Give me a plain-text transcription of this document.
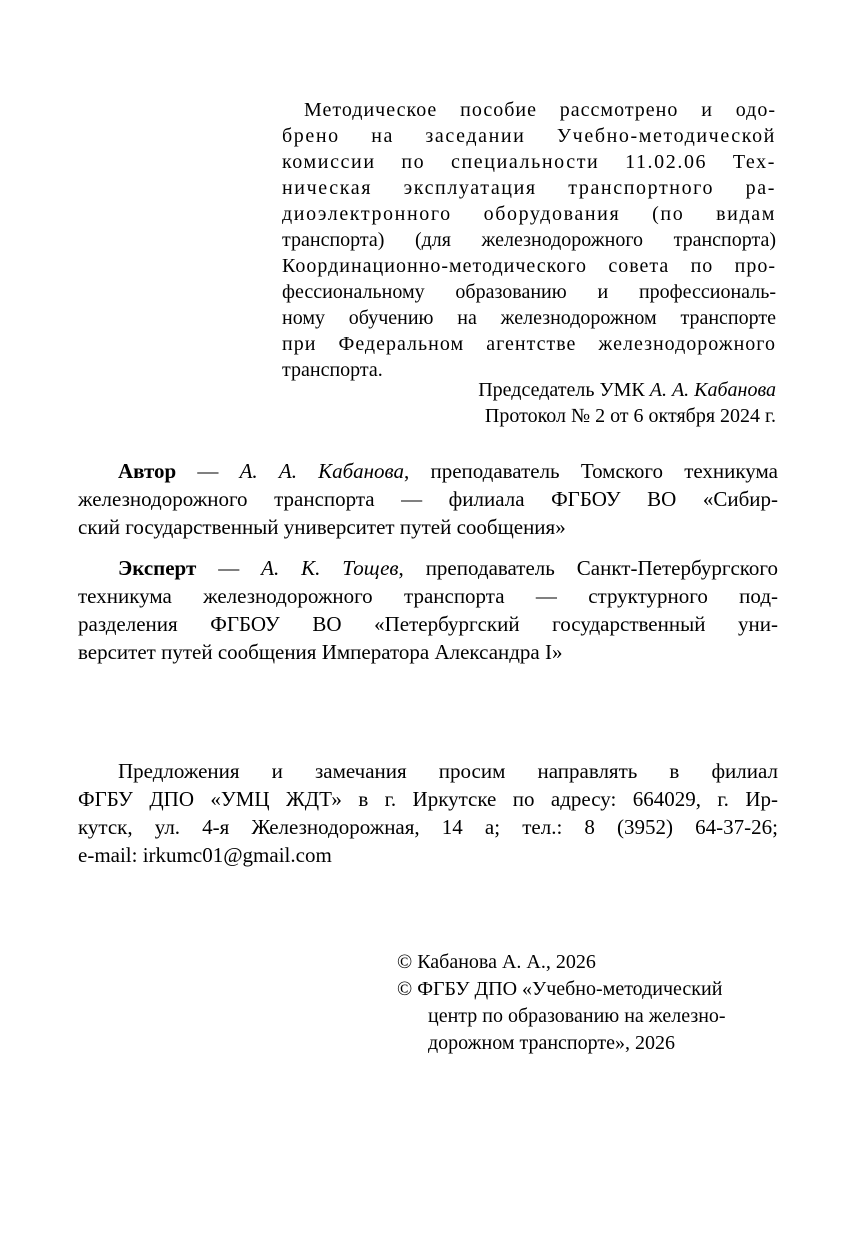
Методическое пособие рассмотрено и одо-
брено на заседании Учебно-методической
комиссии по специальности 11.02.06 Тех-
ническая эксплуатация транспортного ра-
диоэлектронного оборудования (по видам
транспорта) (для железнодорожного транспорта)
Координационно-методического совета по про-
фессиональному образованию и профессиональ-
ному обучению на железнодорожном транспорте
при Федеральном агентстве железнодорожного
транспорта.
Председатель УМК А. А. Кабанова
Протокол № 2 от 6 октября 2024 г.
Автор — А. А. Кабанова, преподаватель Томского техникума
железнодорожного транспорта — филиала ФГБОУ ВО «Сибир-
ский государственный университет путей сообщения»
Эксперт — А. К. Тощев, преподаватель Санкт-Петербургского
техникума железнодорожного транспорта — структурного под-
разделения ФГБОУ ВО «Петербургский государственный уни-
верситет путей сообщения Императора Александра I»
Предложения и замечания просим направлять в филиал
ФГБУ ДПО «УМЦ ЖДТ» в г. Иркутске по адресу: 664029, г. Ир-
кутск, ул. 4-я Железнодорожная, 14 а; тел.: 8 (3952) 64-37-26;
e-mail: irkumc01@gmail.com
© Кабанова А. А., 2026
© ФГБУ ДПО «Учебно-методический
центр по образованию на железно-
дорожном транспорте», 2026
